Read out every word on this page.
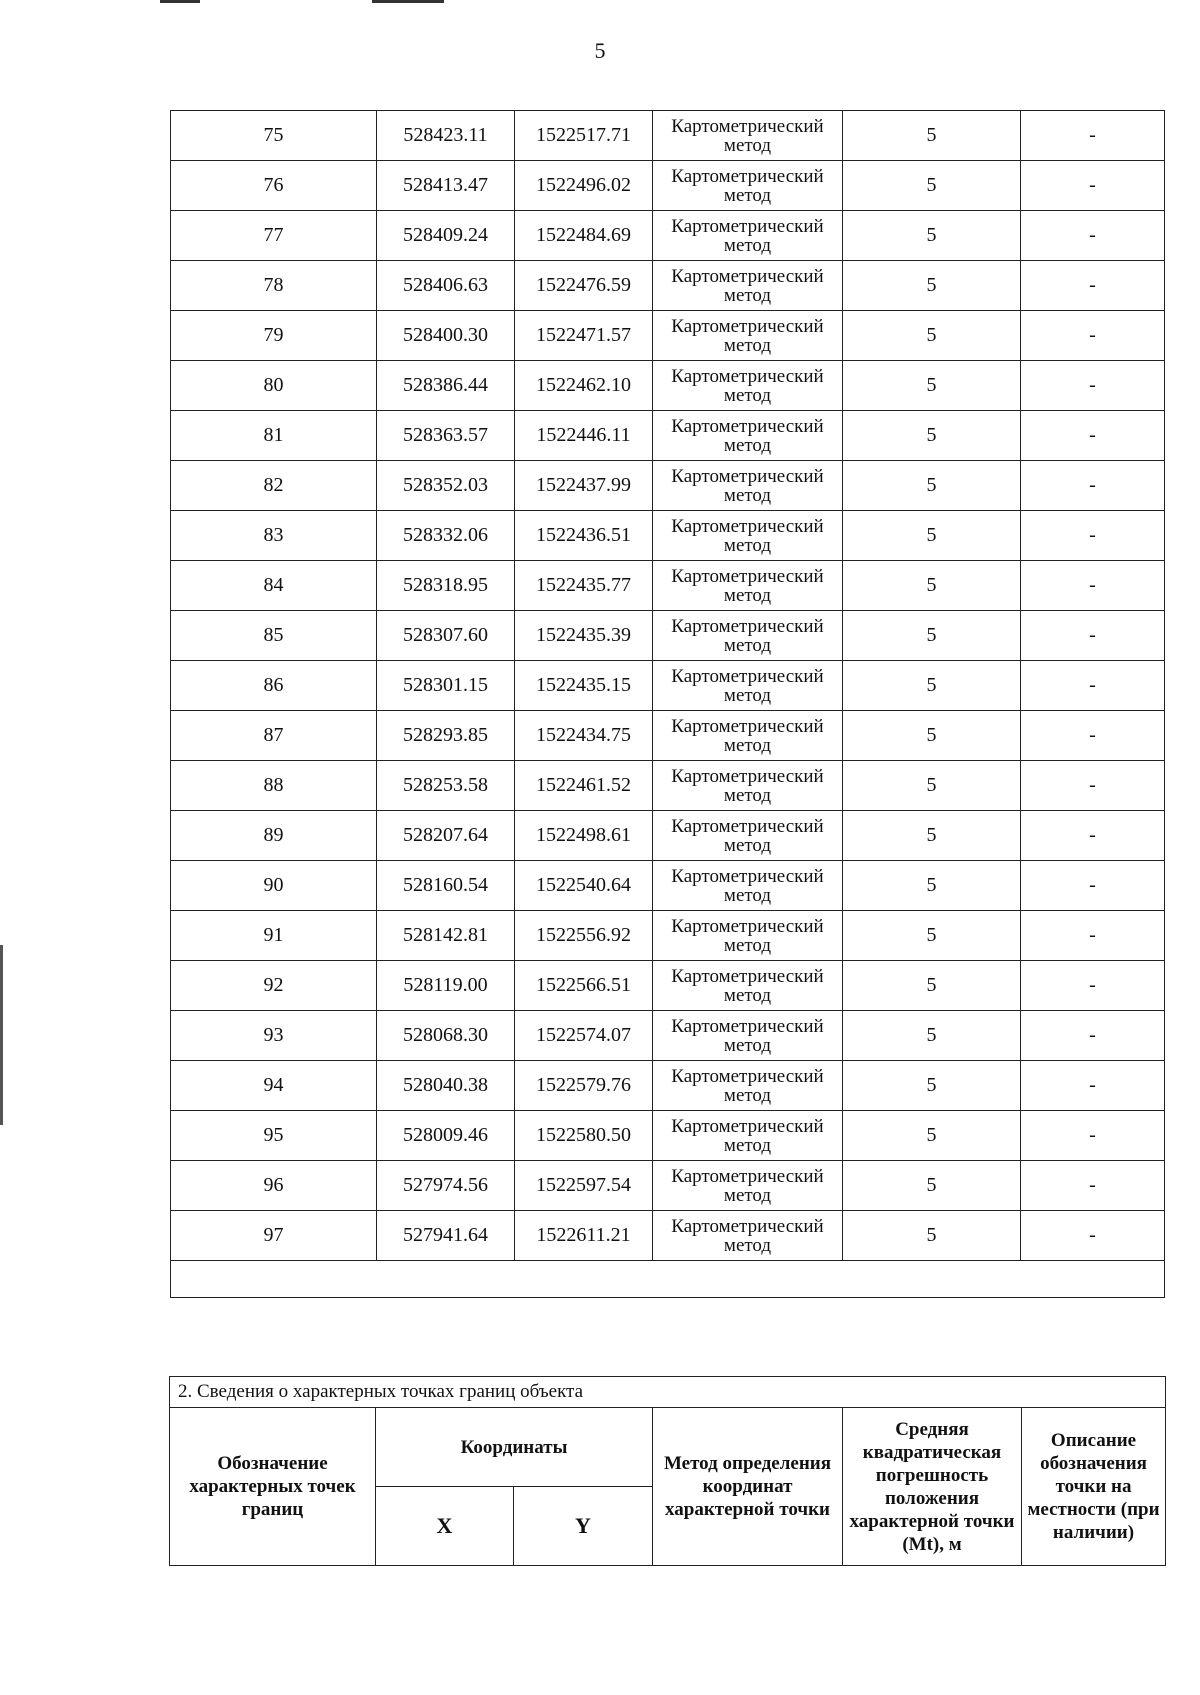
5
75	528423.11	1522517.71	Картометрический метод	5	-
76	528413.47	1522496.02	Картометрический метод	5	-
77	528409.24	1522484.69	Картометрический метод	5	-
78	528406.63	1522476.59	Картометрический метод	5	-
79	528400.30	1522471.57	Картометрический метод	5	-
80	528386.44	1522462.10	Картометрический метод	5	-
81	528363.57	1522446.11	Картометрический метод	5	-
82	528352.03	1522437.99	Картометрический метод	5	-
83	528332.06	1522436.51	Картометрический метод	5	-
84	528318.95	1522435.77	Картометрический метод	5	-
85	528307.60	1522435.39	Картометрический метод	5	-
86	528301.15	1522435.15	Картометрический метод	5	-
87	528293.85	1522434.75	Картометрический метод	5	-
88	528253.58	1522461.52	Картометрический метод	5	-
89	528207.64	1522498.61	Картометрический метод	5	-
90	528160.54	1522540.64	Картометрический метод	5	-
91	528142.81	1522556.92	Картометрический метод	5	-
92	528119.00	1522566.51	Картометрический метод	5	-
93	528068.30	1522574.07	Картометрический метод	5	-
94	528040.38	1522579.76	Картометрический метод	5	-
95	528009.46	1522580.50	Картометрический метод	5	-
96	527974.56	1522597.54	Картометрический метод	5	-
97	527941.64	1522611.21	Картометрический метод	5	-

2. Сведения о характерных точках границ объекта					
Обозначение характерных точек границ	Координаты		Метод определения координат характерной точки	Средняя квадратическая погрешность положения характерной точки (Mt), м	Описание обозначения точки на местности (при наличии)
	X	Y			
